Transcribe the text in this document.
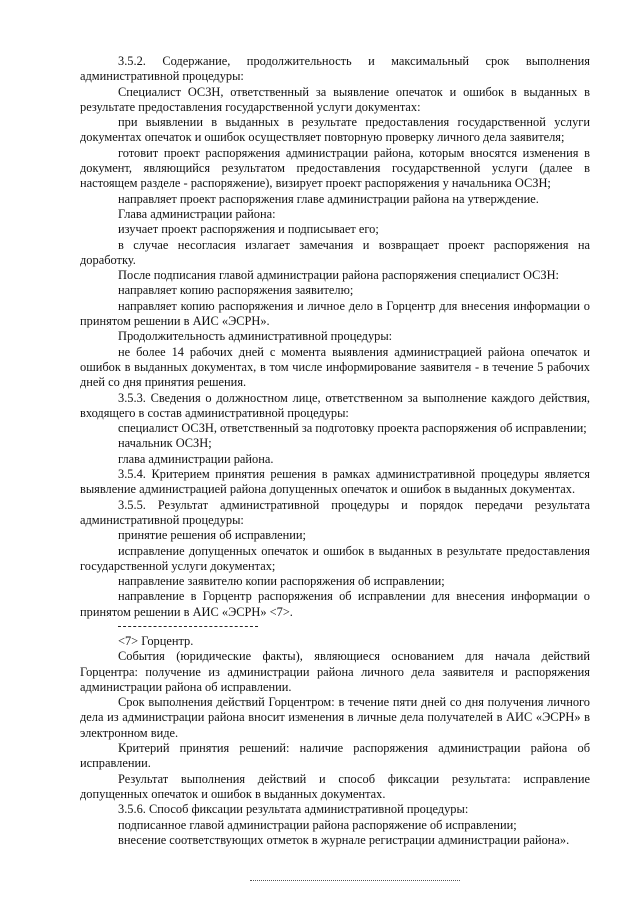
3.5.2. Содержание, продолжительность и максимальный срок выполнения административной процедуры:

Специалист ОСЗН, ответственный за выявление опечаток и ошибок в выданных в результате предоставления государственной услуги документах:

при выявлении в выданных в результате предоставления государственной услуги документах опечаток и ошибок осуществляет повторную проверку личного дела заявителя;

готовит проект распоряжения администрации района, которым вносятся изменения в документ, являющийся результатом предоставления государственной услуги (далее в настоящем разделе - распоряжение), визирует проект распоряжения у начальника ОСЗН;

направляет проект распоряжения главе администрации района на утверждение.

Глава администрации района:

изучает проект распоряжения и подписывает его;

в случае несогласия излагает замечания и возвращает проект распоряжения на доработку.

После подписания главой администрации района распоряжения специалист ОСЗН:

направляет копию распоряжения заявителю;

направляет копию распоряжения и личное дело в Горцентр для внесения информации о принятом решении в АИС «ЭСРН».

Продолжительность административной процедуры:

не более 14 рабочих дней с момента выявления администрацией района опечаток и ошибок в выданных документах, в том числе информирование заявителя - в течение 5 рабочих дней со дня принятия решения.

3.5.3. Сведения о должностном лице, ответственном за выполнение каждого действия, входящего в состав административной процедуры:

специалист ОСЗН, ответственный за подготовку проекта распоряжения об исправлении;

начальник ОСЗН;

глава администрации района.

3.5.4. Критерием принятия решения в рамках административной процедуры является выявление администрацией района допущенных опечаток и ошибок в выданных документах.

3.5.5. Результат административной процедуры и порядок передачи результата административной процедуры:

принятие решения об исправлении;

исправление допущенных опечаток и ошибок в выданных в результате предоставления государственной услуги документах;

направление заявителю копии распоряжения об исправлении;

направление в Горцентр распоряжения об исправлении для внесения информации о принятом решении в АИС «ЭСРН» <7>.

<7> Горцентр.

События (юридические факты), являющиеся основанием для начала действий Горцентра: получение из администрации района личного дела заявителя и распоряжения администрации района об исправлении.

Срок выполнения действий Горцентром: в течение пяти дней со дня получения личного дела из администрации района вносит изменения в личные дела получателей в АИС «ЭСРН» в электронном виде.

Критерий принятия решений: наличие распоряжения администрации района об исправлении.

Результат выполнения действий и способ фиксации результата: исправление допущенных опечаток и ошибок в выданных документах.

3.5.6. Способ фиксации результата административной процедуры:

подписанное главой администрации района распоряжение об исправлении;

внесение соответствующих отметок в журнале регистрации администрации района».
